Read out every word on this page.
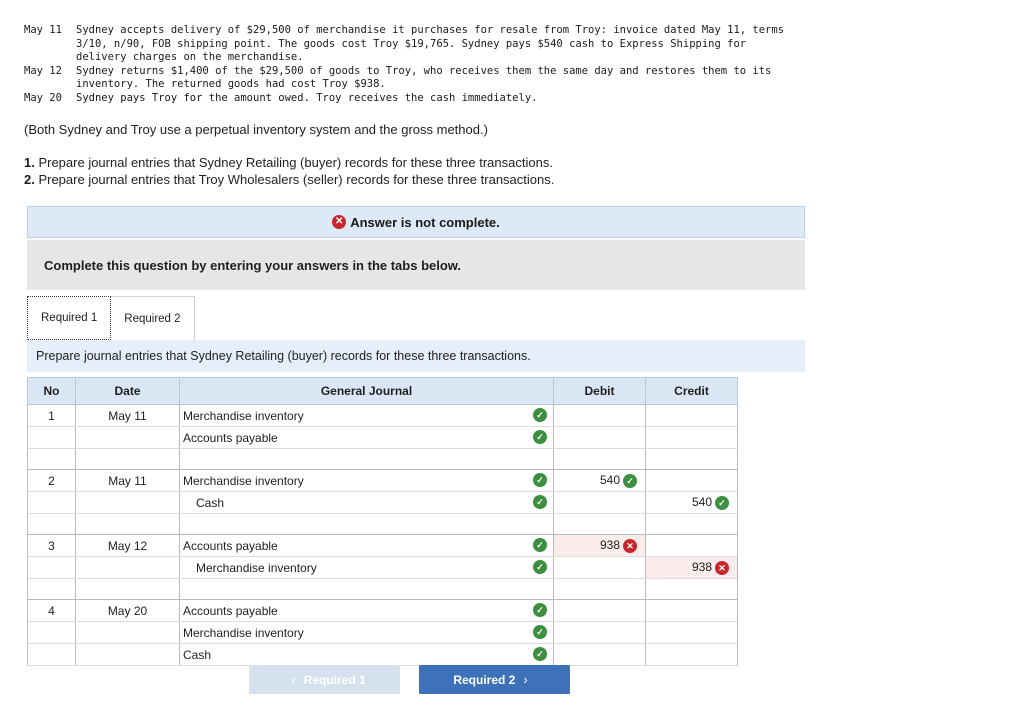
May 11	Sydney accepts delivery of $29,500 of merchandise it purchases for resale from Troy: invoice dated May 11, terms
3/10, n/90, FOB shipping point. The goods cost Troy $19,765. Sydney pays $540 cash to Express Shipping for
delivery charges on the merchandise.
May 12	Sydney returns $1,400 of the $29,500 of goods to Troy, who receives them the same day and restores them to its
inventory. The returned goods had cost Troy $938.
May 20	Sydney pays Troy for the amount owed. Troy receives the cash immediately.
(Both Sydney and Troy use a perpetual inventory system and the gross method.)
1. Prepare journal entries that Sydney Retailing (buyer) records for these three transactions.
2. Prepare journal entries that Troy Wholesalers (seller) records for these three transactions.
✕ Answer is not complete.
Complete this question by entering your answers in the tabs below.
Required 1	Required 2
Prepare journal entries that Sydney Retailing (buyer) records for these three transactions.
No	Date	General Journal	Debit	Credit
1	May 11	Merchandise inventory ✓		

		Accounts payable ✓		

2	May 11	Merchandise inventory ✓	540 ✓	
		Cash ✓		540 ✓

3	May 12	Accounts payable ✓	938 ✕	
		Merchandise inventory ✓		938 ✕

4	May 20	Accounts payable ✓		

		Merchandise inventory ✓		

		Cash ✓		

‹ Required 1	Required 2 ›
